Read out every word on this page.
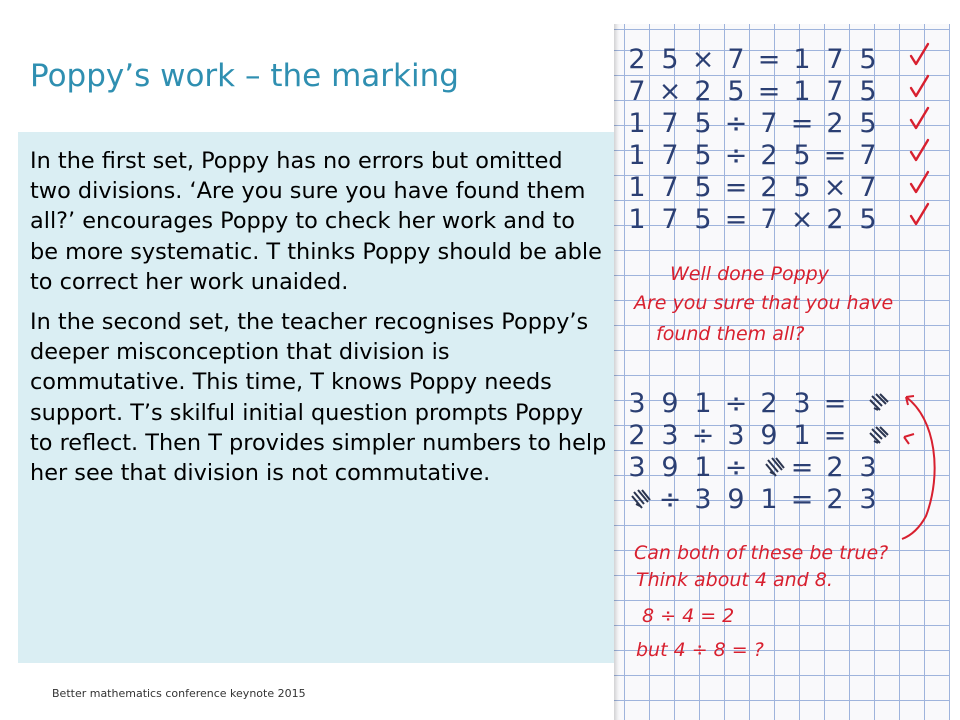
Poppy’s work – the marking

In the first set, Poppy has no errors but omitted two divisions. ‘Are you sure you have found them all?’ encourages Poppy to check her work and to be more systematic. T thinks Poppy should be able to correct her work unaided.

In the second set, the teacher recognises Poppy’s deeper misconception that division is commutative. This time, T knows Poppy needs support. T’s skilful initial question prompts Poppy to reflect. Then T provides simpler numbers to help her see that division is not commutative.

Better mathematics conference keynote 2015
2 5 × 7 = 1 7 5
7 × 2 5 = 1 7 5
1 7 5 ÷ 7 = 2 5
1 7 5 ÷ 2 5 = 7
1 7 5 = 2 5 × 7
1 7 5 = 7 × 2 5
Well done Poppy
Are you sure that you have
found them all?
3 9 1 ÷ 2 3 =
2 3 ÷ 3 9 1 =
3 9 1 ÷ = 2 3
÷ 3 9 1 = 2 3
Can both of these be true?
Think about 4 and 8.
8 ÷ 4 = 2
but 4 ÷ 8 = ?
